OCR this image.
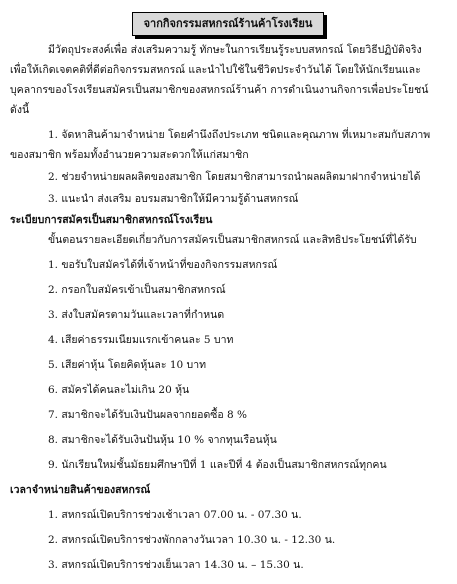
จากกิจกรรมสหกรณ์ร้านค้าโรงเรียน
มีวัตถุประสงค์เพื่อ ส่งเสริมความรู้ ทักษะในการเรียนรู้ระบบสหกรณ์ โดยวิธีปฏิบัติจริง
เพื่อให้เกิดเจตคติที่ดีต่อกิจกรรมสหกรณ์ และนำไปใช้ในชีวิตประจำวันได้ โดยให้นักเรียนและ
บุคลากรของโรงเรียนสมัครเป็นสมาชิกของสหกรณ์ร้านค้า การดำเนินงานกิจการเพื่อประโยชน์
ดังนี้
1. จัดหาสินค้ามาจำหน่าย โดยคำนึงถึงประเภท ชนิดและคุณภาพ ที่เหมาะสมกับสภาพ
ของสมาชิก พร้อมทั้งอำนวยความสะดวกให้แก่สมาชิก
2. ช่วยจำหน่ายผลผลิตของสมาชิก โดยสมาชิกสามารถนำผลผลิตมาฝากจำหน่ายได้
3. แนะนำ ส่งเสริม อบรมสมาชิกให้มีความรู้ด้านสหกรณ์
ระเบียบการสมัครเป็นสมาชิกสหกรณ์โรงเรียน
ขั้นตอนรายละเอียดเกี่ยวกับการสมัครเป็นสมาชิกสหกรณ์ และสิทธิประโยชน์ที่ได้รับ
1. ขอรับใบสมัครได้ที่เจ้าหน้าที่ของกิจกรรมสหกรณ์
2. กรอกใบสมัครเข้าเป็นสมาชิกสหกรณ์
3. ส่งใบสมัครตามวันและเวลาที่กำหนด
4. เสียค่าธรรมเนียมแรกเข้าคนละ 5 บาท
5. เสียค่าหุ้น โดยคิดหุ้นละ 10 บาท
6. สมัครได้คนละไม่เกิน 20 หุ้น
7. สมาชิกจะได้รับเงินปันผลจากยอดซื้อ 8 %
8. สมาชิกจะได้รับเงินปันหุ้น 10 % จากทุนเรือนหุ้น
9. นักเรียนใหม่ชั้นมัธยมศึกษาปีที่ 1 และปีที่ 4 ต้องเป็นสมาชิกสหกรณ์ทุกคน
เวลาจำหน่ายสินค้าของสหกรณ์
1. สหกรณ์เปิดบริการช่วงเช้าเวลา 07.00 น. - 07.30 น.
2. สหกรณ์เปิดบริการช่วงพักกลางวันเวลา 10.30 น. - 12.30 น.
3. สหกรณ์เปิดบริการช่วงเย็นเวลา 14.30 น. – 15.30 น.
